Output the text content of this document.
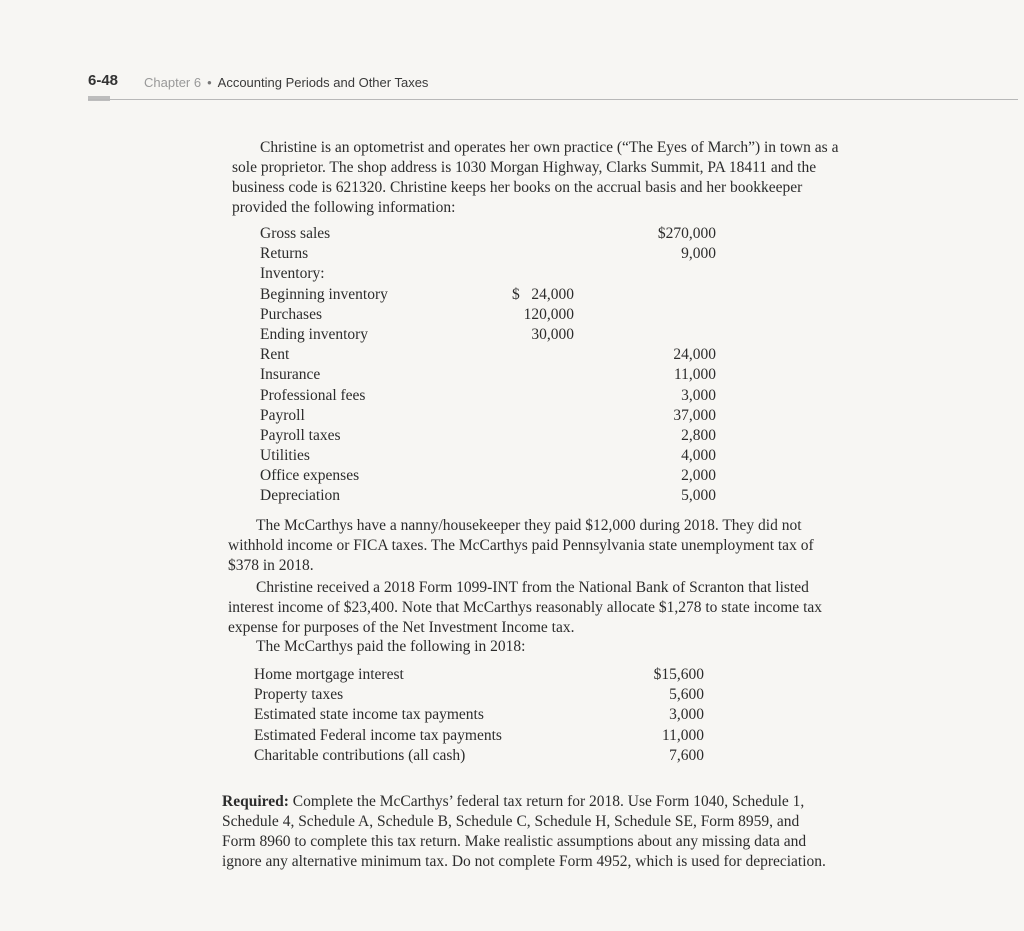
6-48 Chapter 6 • Accounting Periods and Other Taxes

Christine is an optometrist and operates her own practice (“The Eyes of March”) in town as a sole proprietor. The shop address is 1030 Morgan Highway, Clarks Summit, PA 18411 and the business code is 621320. Christine keeps her books on the accrual basis and her bookkeeper provided the following information:

Gross sales	$270,000
Returns	9,000
Inventory:
Beginning inventory	$  24,000
Purchases	120,000
Ending inventory	30,000
Rent	24,000
Insurance	11,000
Professional fees	3,000
Payroll	37,000
Payroll taxes	2,800
Utilities	4,000
Office expenses	2,000
Depreciation	5,000

The McCarthys have a nanny/housekeeper they paid $12,000 during 2018. They did not withhold income or FICA taxes. The McCarthys paid Pennsylvania state unemployment tax of $378 in 2018.

Christine received a 2018 Form 1099-INT from the National Bank of Scranton that listed interest income of $23,400. Note that McCarthys reasonably allocate $1,278 to state income tax expense for purposes of the Net Investment Income tax.

The McCarthys paid the following in 2018:

Home mortgage interest	$15,600
Property taxes	5,600
Estimated state income tax payments	3,000
Estimated Federal income tax payments	11,000
Charitable contributions (all cash)	7,600

Required: Complete the McCarthys’ federal tax return for 2018. Use Form 1040, Schedule 1, Schedule 4, Schedule A, Schedule B, Schedule C, Schedule H, Schedule SE, Form 8959, and Form 8960 to complete this tax return. Make realistic assumptions about any missing data and ignore any alternative minimum tax. Do not complete Form 4952, which is used for depreciation.
